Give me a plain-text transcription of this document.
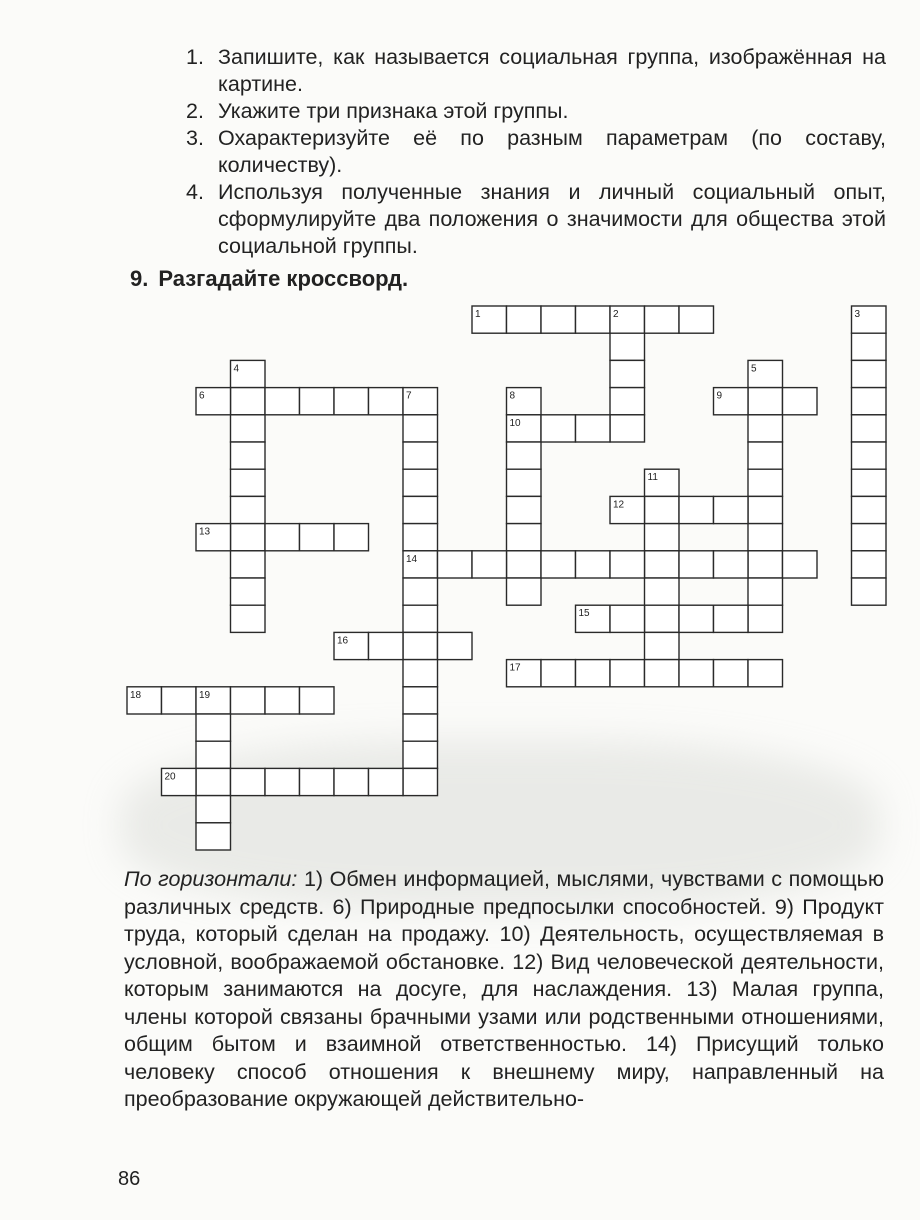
1. Запишите, как называется социальная группа, изображённая на картине.

2. Укажите три признака этой группы.

3. Охарактеризуйте её по разным параметрам (по составу, количеству).

4. Используя полученные знания и личный социальный опыт, сформулируйте два положения о значимости для общества этой социальной группы.

9. Разгадайте кроссворд.

1	2	3
4	5
6	7	8	9
10
11
12
13
14
15
16
17
18	19
20

По горизонтали: 1) Обмен информацией, мыслями, чувствами с помощью различных средств. 6) Природные предпосылки способностей. 9) Продукт труда, который сделан на продажу. 10) Деятельность, осуществляемая в условной, воображаемой обстановке. 12) Вид человеческой деятельности, которым занимаются на досуге, для наслаждения. 13) Малая группа, члены которой связаны брачными узами или родственными отношениями, общим бытом и взаимной ответственностью. 14) Присущий только человеку способ отношения к внешнему миру, направленный на преобразование окружающей действительно-

86
